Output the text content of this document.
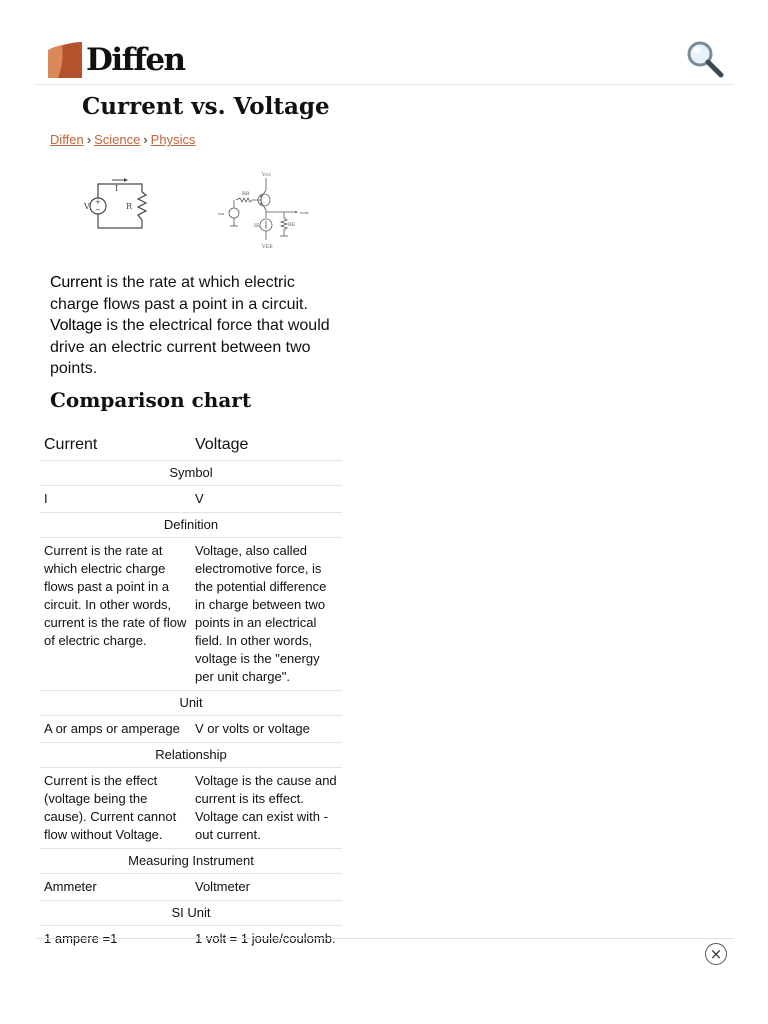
Diffen
Current vs. Voltage
Diffen › Science › Physics
+
−
V
I
R
Vcc
RB
vin	vout
IE
VEE
RE

Current is the rate at which electric charge flows past a point in a circuit. Voltage is the electrical force that would drive an electric current between two points.

Comparison chart
Current	Voltage
Symbol	
I	V
Definition	
Current is the rate at which electric charge flows past a point in a circuit. In other words, current is the rate of flow of electric charge.	Voltage, also called electromotive force, is the potential difference in charge between two points in an electrical field. In other words, voltage is the "energy per unit charge".
Unit	
A or amps or amperage	V or volts or voltage
Relationship	
Current is the effect (voltage being the cause). Current cannot flow without Voltage.	Voltage is the cause and current is its effect. Voltage can exist with - out current.
Measuring Instrument	
Ammeter	Voltmeter
SI Unit	
1 ampere =1	1 volt = 1 joule/coulomb.
×
